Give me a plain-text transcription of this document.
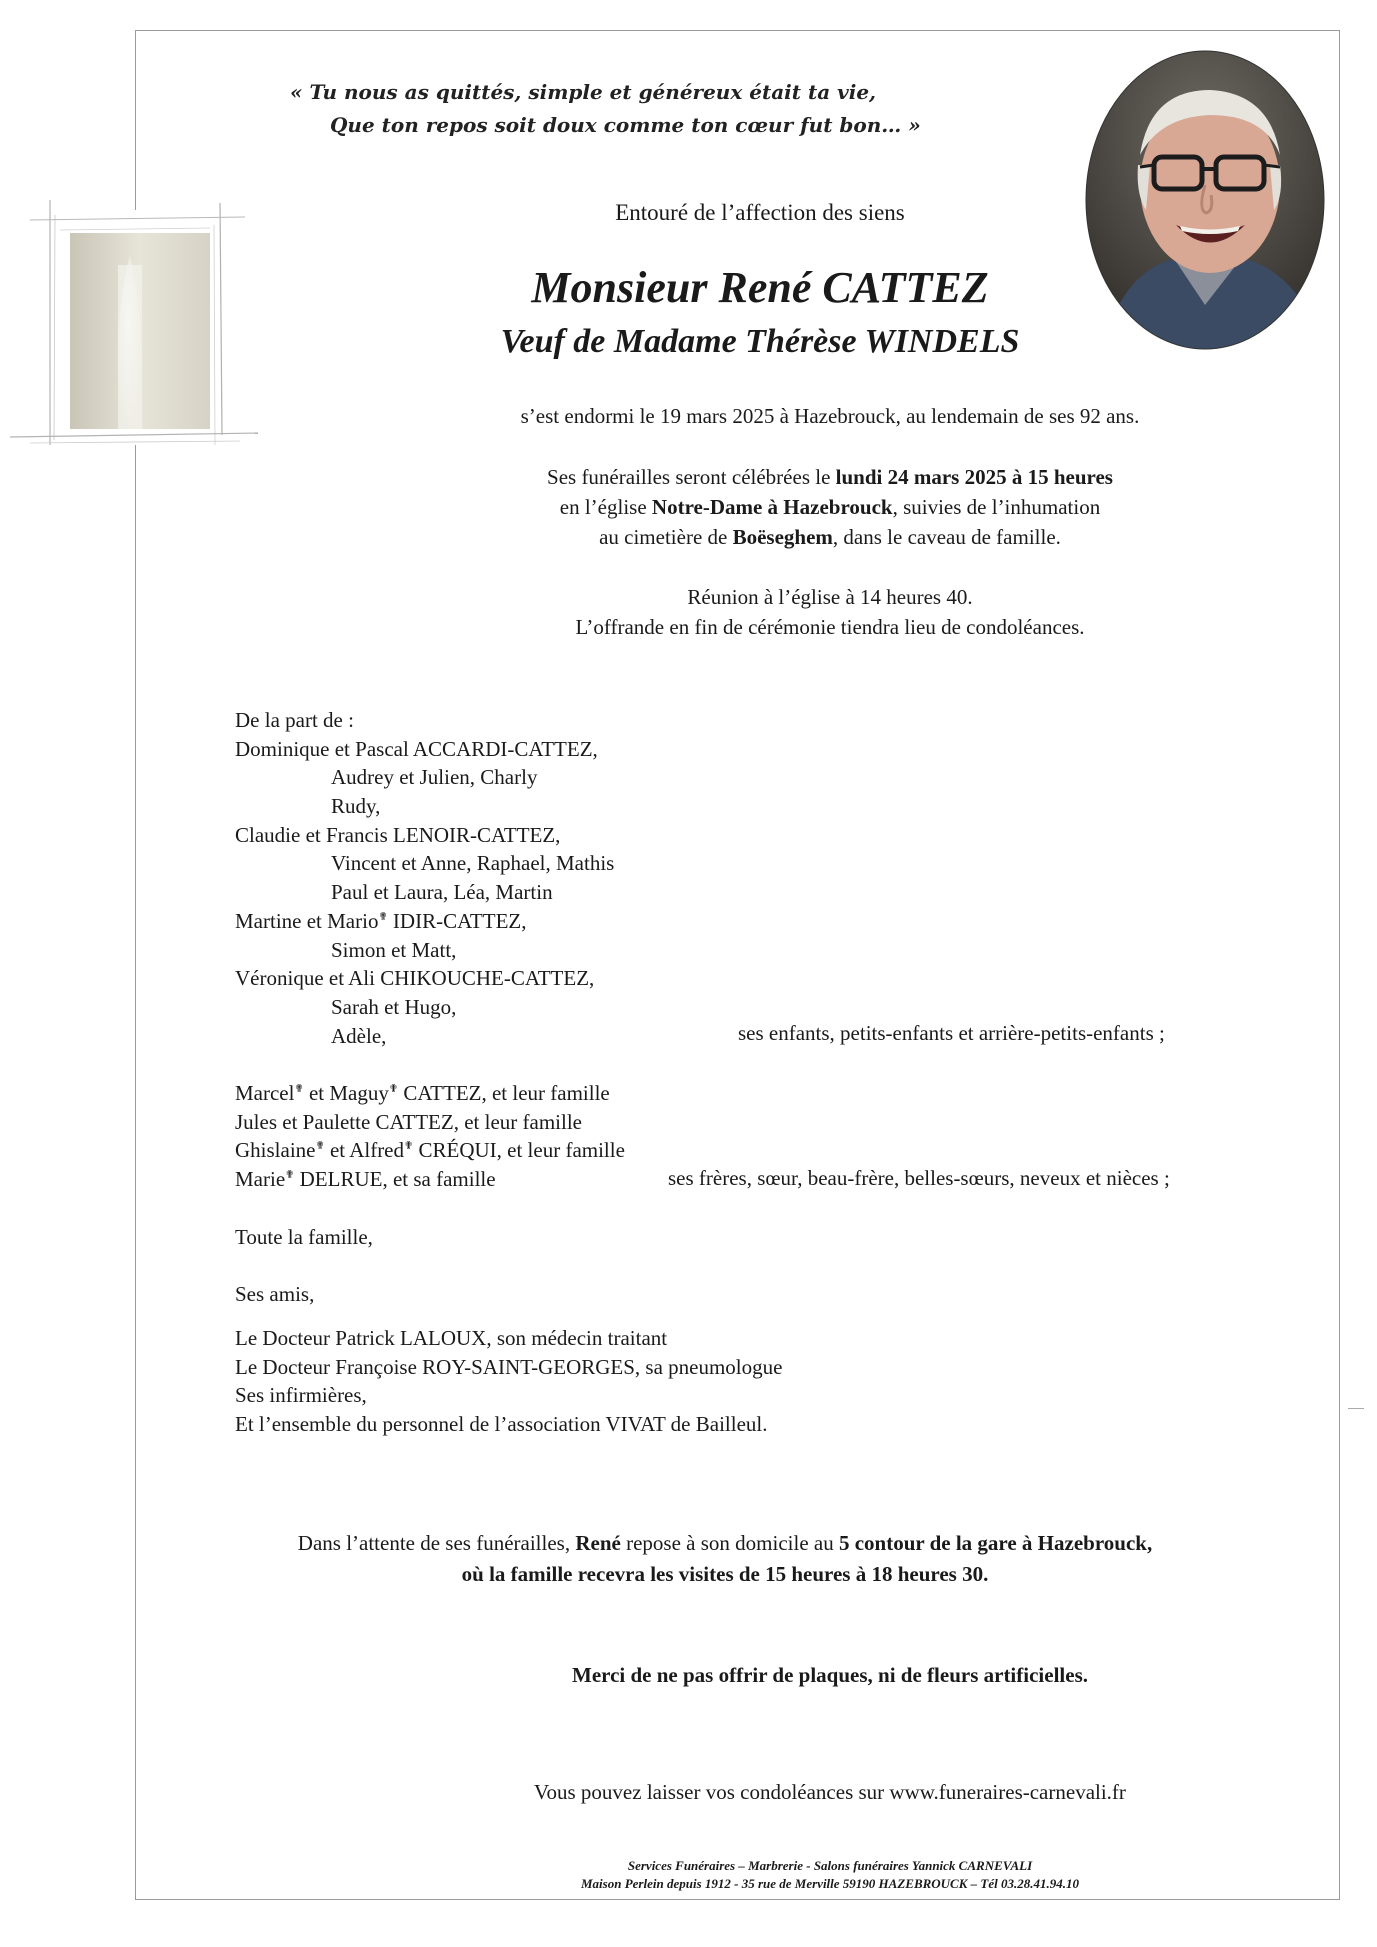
« Tu nous as quittés, simple et généreux était ta vie,
Que ton repos soit doux comme ton cœur fut bon… »
Entouré de l’affection des siens
Monsieur René CATTEZ
Veuf de Madame Thérèse WINDELS
s’est endormi le 19 mars 2025 à Hazebrouck, au lendemain de ses 92 ans.
Ses funérailles seront célébrées le lundi 24 mars 2025 à 15 heures
en l’église Notre-Dame à Hazebrouck, suivies de l’inhumation
au cimetière de Boëseghem, dans le caveau de famille.
Réunion à l’église à 14 heures 40.
L’offrande en fin de cérémonie tiendra lieu de condoléances.
De la part de :
Dominique et Pascal ACCARDI-CATTEZ,
Audrey et Julien, Charly
Rudy,
Claudie et Francis LENOIR-CATTEZ,
Vincent et Anne, Raphael, Mathis
Paul et Laura, Léa, Martin
Martine et Mario✟ IDIR-CATTEZ,
Simon et Matt,
Véronique et Ali CHIKOUCHE-CATTEZ,
Sarah et Hugo,
Adèle,	ses enfants, petits-enfants et arrière-petits-enfants ;
Marcel✟ et Maguy✟ CATTEZ, et leur famille
Jules et Paulette CATTEZ, et leur famille
Ghislaine✟ et Alfred✟ CRÉQUI, et leur famille
Marie✟ DELRUE, et sa famille	ses frères, sœur, beau-frère, belles-sœurs, neveux et nièces ;
Toute la famille,
Ses amis,
Le Docteur Patrick LALOUX, son médecin traitant
Le Docteur Françoise ROY-SAINT-GEORGES, sa pneumologue
Ses infirmières,
Et l’ensemble du personnel de l’association VIVAT de Bailleul.
Dans l’attente de ses funérailles, René repose à son domicile au 5 contour de la gare à Hazebrouck,
où la famille recevra les visites de 15 heures à 18 heures 30.
Merci de ne pas offrir de plaques, ni de fleurs artificielles.
Vous pouvez laisser vos condoléances sur www.funeraires-carnevali.fr
Services Funéraires – Marbrerie - Salons funéraires Yannick CARNEVALI
Maison Perlein depuis 1912 - 35 rue de Merville 59190 HAZEBROUCK – Tél 03.28.41.94.10
